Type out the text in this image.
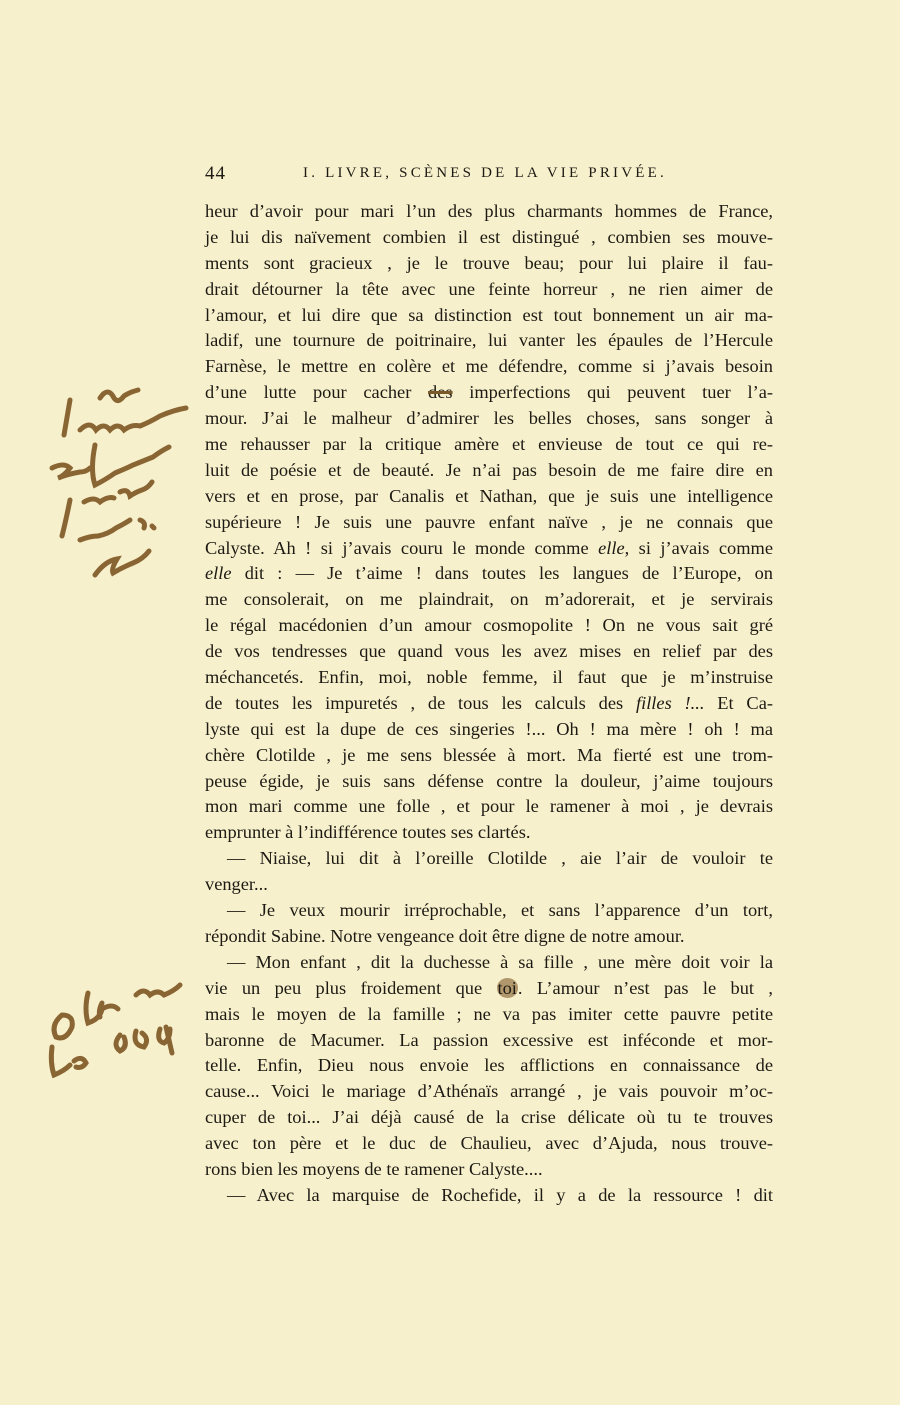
44	I. LIVRE, SCÈNES DE LA VIE PRIVÉE.
heur d’avoir pour mari l’un des plus charmants hommes de France,
je lui dis naïvement combien il est distingué , combien ses mouve-
ments sont gracieux , je le trouve beau; pour lui plaire il fau-
drait détourner la tête avec une feinte horreur , ne rien aimer de
l’amour, et lui dire que sa distinction est tout bonnement un air ma-
ladif, une tournure de poitrinaire, lui vanter les épaules de l’Hercule
Farnèse, le mettre en colère et me défendre, comme si j’avais besoin
d’une lutte pour cacher des imperfections qui peuvent tuer l’a-
mour. J’ai le malheur d’admirer les belles choses, sans songer à
me rehausser par la critique amère et envieuse de tout ce qui re-
luit de poésie et de beauté. Je n’ai pas besoin de me faire dire en
vers et en prose, par Canalis et Nathan, que je suis une intelligence
supérieure ! Je suis une pauvre enfant naïve , je ne connais que
Calyste. Ah ! si j’avais couru le monde comme elle, si j’avais comme
elle dit : — Je t’aime ! dans toutes les langues de l’Europe, on
me consolerait, on me plaindrait, on m’adorerait, et je servirais
le régal macédonien d’un amour cosmopolite ! On ne vous sait gré
de vos tendresses que quand vous les avez mises en relief par des
méchancetés. Enfin, moi, noble femme, il faut que je m’instruise
de toutes les impuretés , de tous les calculs des filles !... Et Ca-
lyste qui est la dupe de ces singeries !... Oh ! ma mère ! oh ! ma
chère Clotilde , je me sens blessée à mort. Ma fierté est une trom-
peuse égide, je suis sans défense contre la douleur, j’aime toujours
mon mari comme une folle , et pour le ramener à moi , je devrais
emprunter à l’indifférence toutes ses clartés.
— Niaise, lui dit à l’oreille Clotilde , aie l’air de vouloir te
venger...
— Je veux mourir irréprochable, et sans l’apparence d’un tort,
répondit Sabine. Notre vengeance doit être digne de notre amour.
— Mon enfant , dit la duchesse à sa fille , une mère doit voir la
vie un peu plus froidement que toi. L’amour n’est pas le but ,
mais le moyen de la famille ; ne va pas imiter cette pauvre petite
baronne de Macumer. La passion excessive est inféconde et mor-
telle. Enfin, Dieu nous envoie les afflictions en connaissance de
cause... Voici le mariage d’Athénaïs arrangé , je vais pouvoir m’oc-
cuper de toi... J’ai déjà causé de la crise délicate où tu te trouves
avec ton père et le duc de Chaulieu, avec d’Ajuda, nous trouve-
rons bien les moyens de te ramener Calyste....
— Avec la marquise de Rochefide, il y a de la ressource ! dit
